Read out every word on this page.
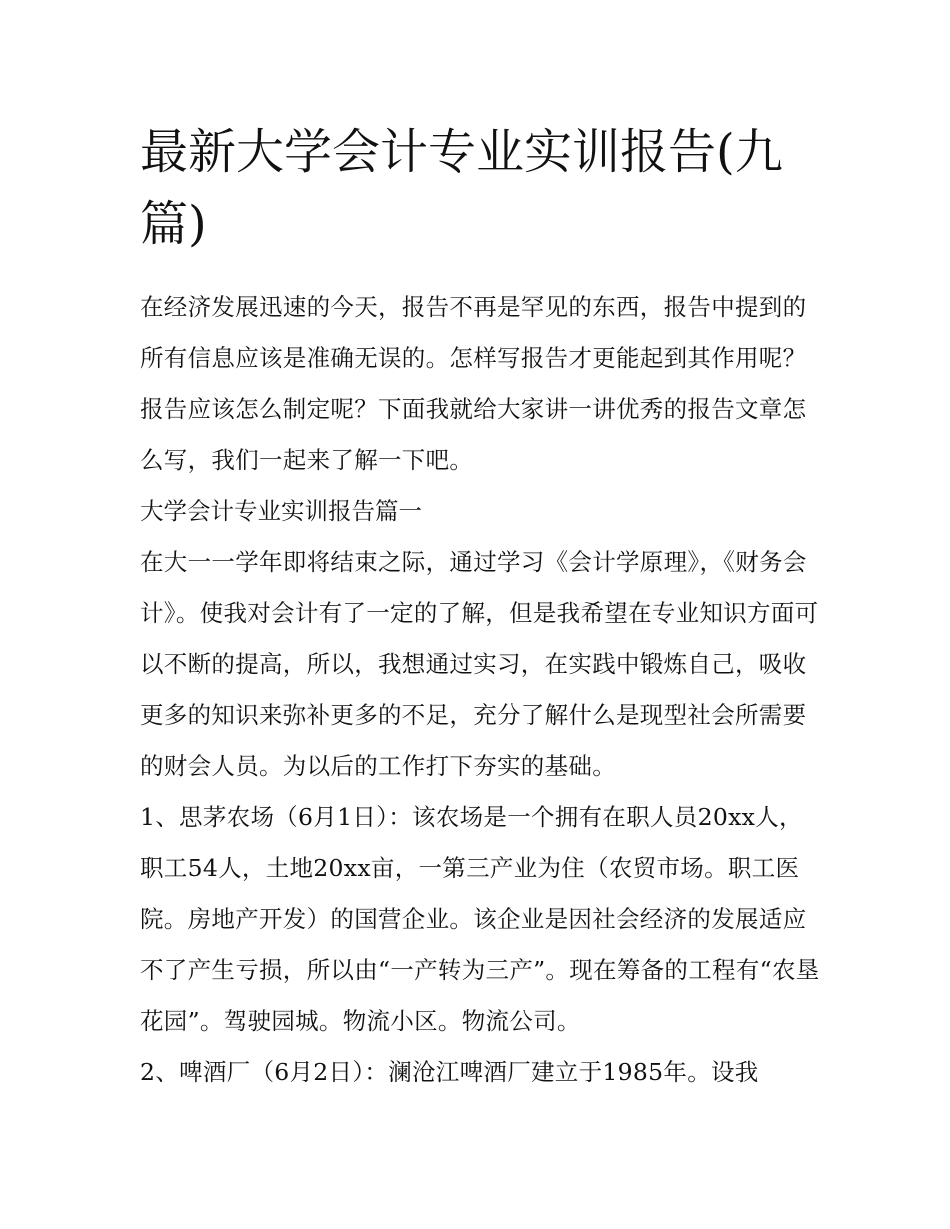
最新大学会计专业实训报告(九篇)

在经济发展迅速的今天，报告不再是罕见的东西，报告中提到的所有信息应该是准确无误的。怎样写报告才更能起到其作用呢？报告应该怎么制定呢？下面我就给大家讲一讲优秀的报告文章怎么写，我们一起来了解一下吧。

大学会计专业实训报告篇一

在大一一学年即将结束之际，通过学习《会计学原理》，《财务会计》。使我对会计有了一定的了解，但是我希望在专业知识方面可以不断的提高，所以，我想通过实习，在实践中锻炼自己，吸收更多的知识来弥补更多的不足，充分了解什么是现型社会所需要的财会人员。为以后的工作打下夯实的基础。

1、思茅农场（6月1日）：该农场是一个拥有在职人员20xx人，职工54人，土地20xx亩，一第三产业为住（农贸市场。职工医院。房地产开发）的国营企业。该企业是因社会经济的发展适应不了产生亏损，所以由“一产转为三产”。现在筹备的工程有“农垦花园”。驾驶园城。物流小区。物流公司。

2、啤酒厂（6月2日）：澜沧江啤酒厂建立于1985年。设我
